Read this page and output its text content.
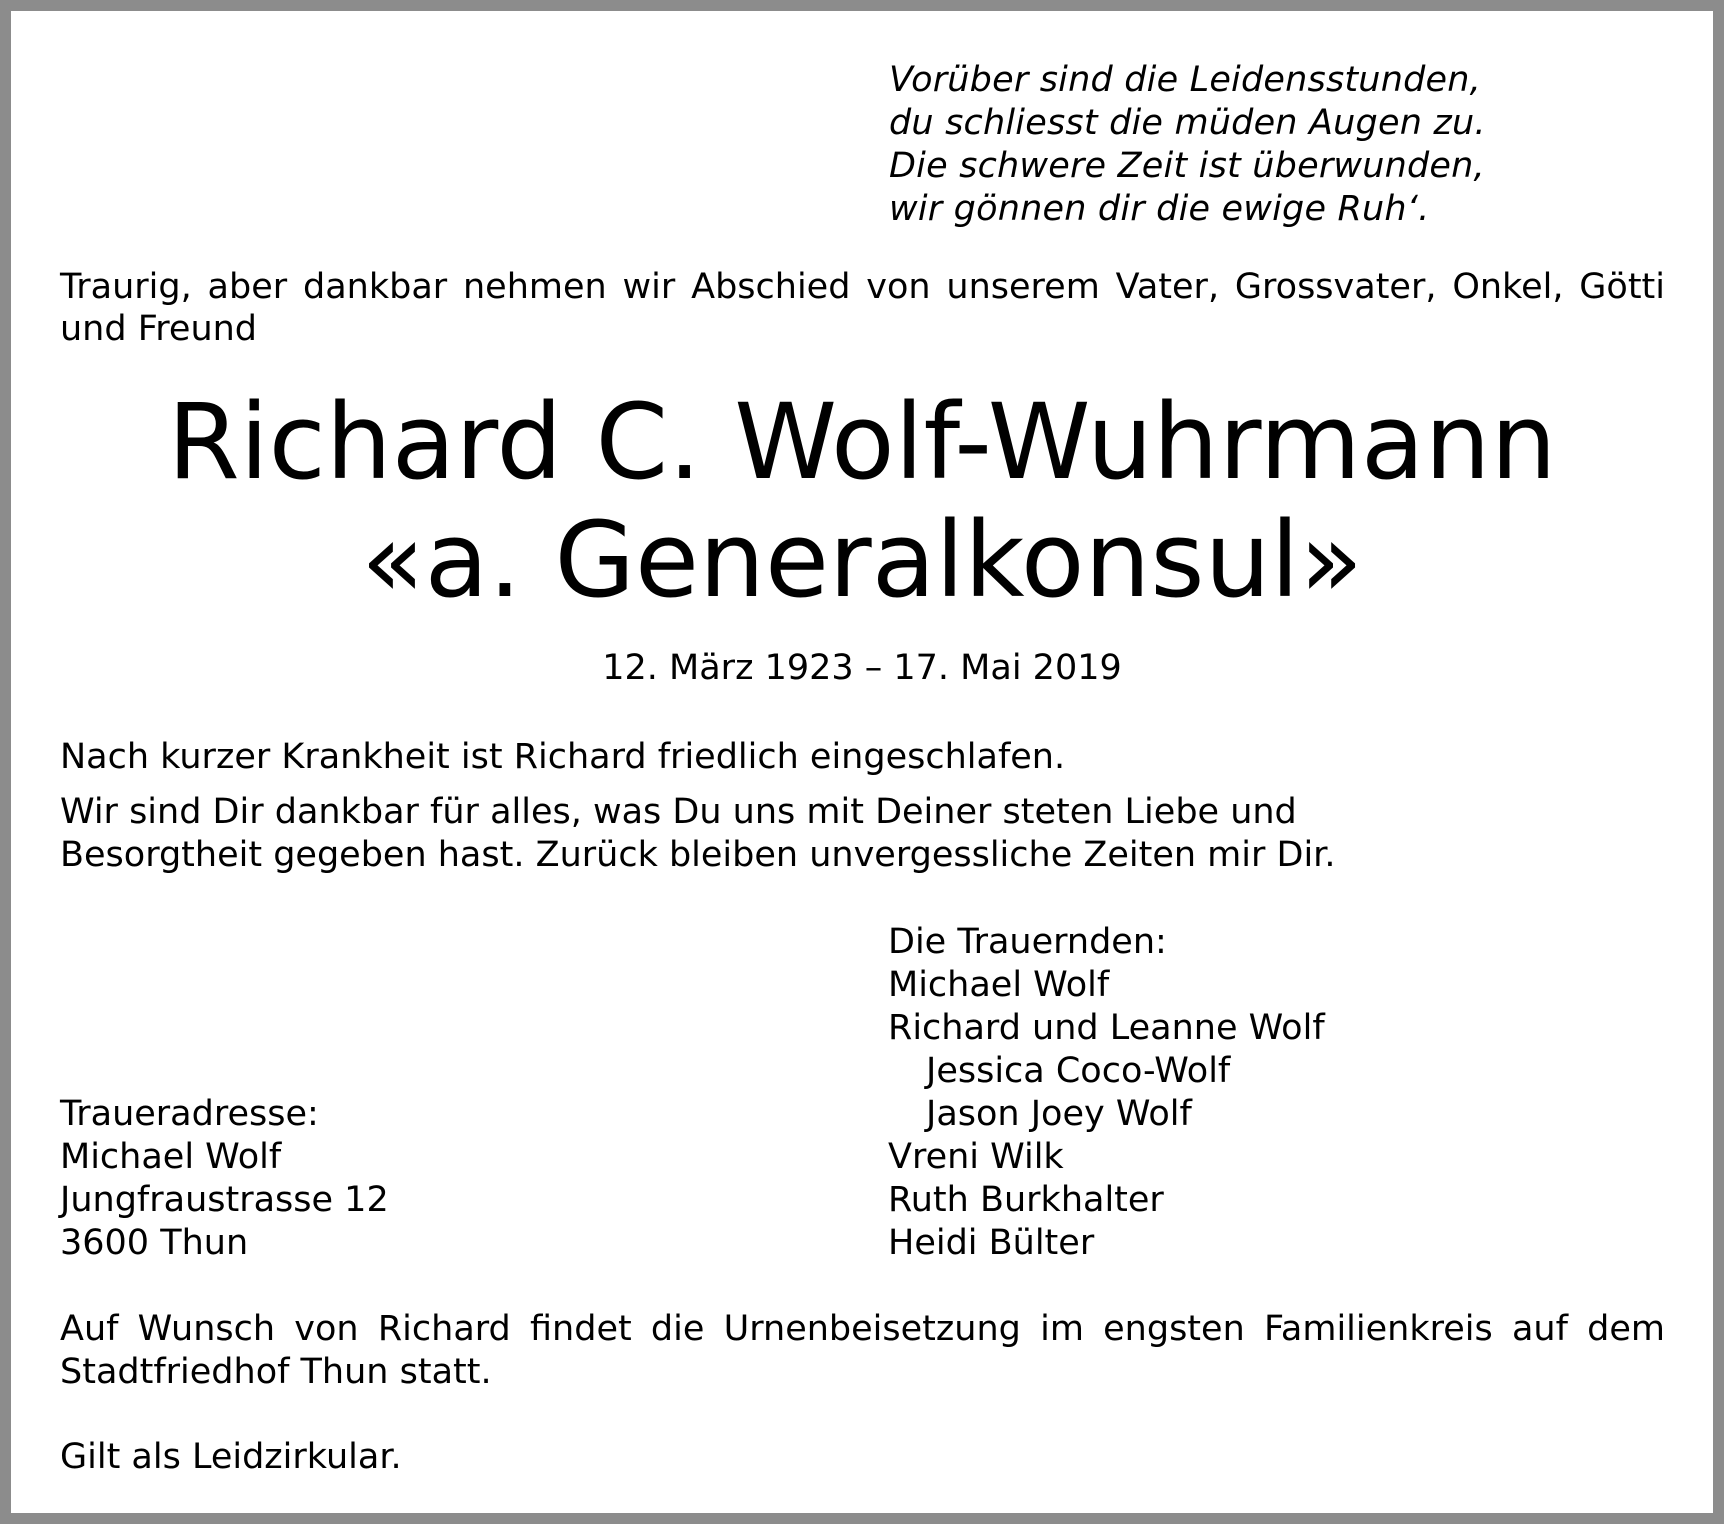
Vorüber sind die Leidensstunden,
du schliesst die müden Augen zu.
Die schwere Zeit ist überwunden,
wir gönnen dir die ewige Ruh‘.
Traurig, aber dankbar nehmen wir Abschied von unserem Vater, Grossvater, Onkel, Götti und Freund
Richard C. Wolf-Wuhrmann
«a. Generalkonsul»
12. März 1923 – 17. Mai 2019
Nach kurzer Krankheit ist Richard friedlich eingeschlafen.
Wir sind Dir dankbar für alles, was Du uns mit Deiner steten Liebe und
Besorgtheit gegeben hast. Zurück bleiben unvergessliche Zeiten mir Dir.
Die Trauernden:
Michael Wolf
Richard und Leanne Wolf
Jessica Coco-Wolf
Jason Joey Wolf
Vreni Wilk
Ruth Burkhalter
Heidi Bülter
Traueradresse:
Michael Wolf
Jungfraustrasse 12
3600 Thun
Auf Wunsch von Richard findet die Urnenbeisetzung im engsten Familienkreis auf dem Stadtfriedhof Thun statt.
Gilt als Leidzirkular.
